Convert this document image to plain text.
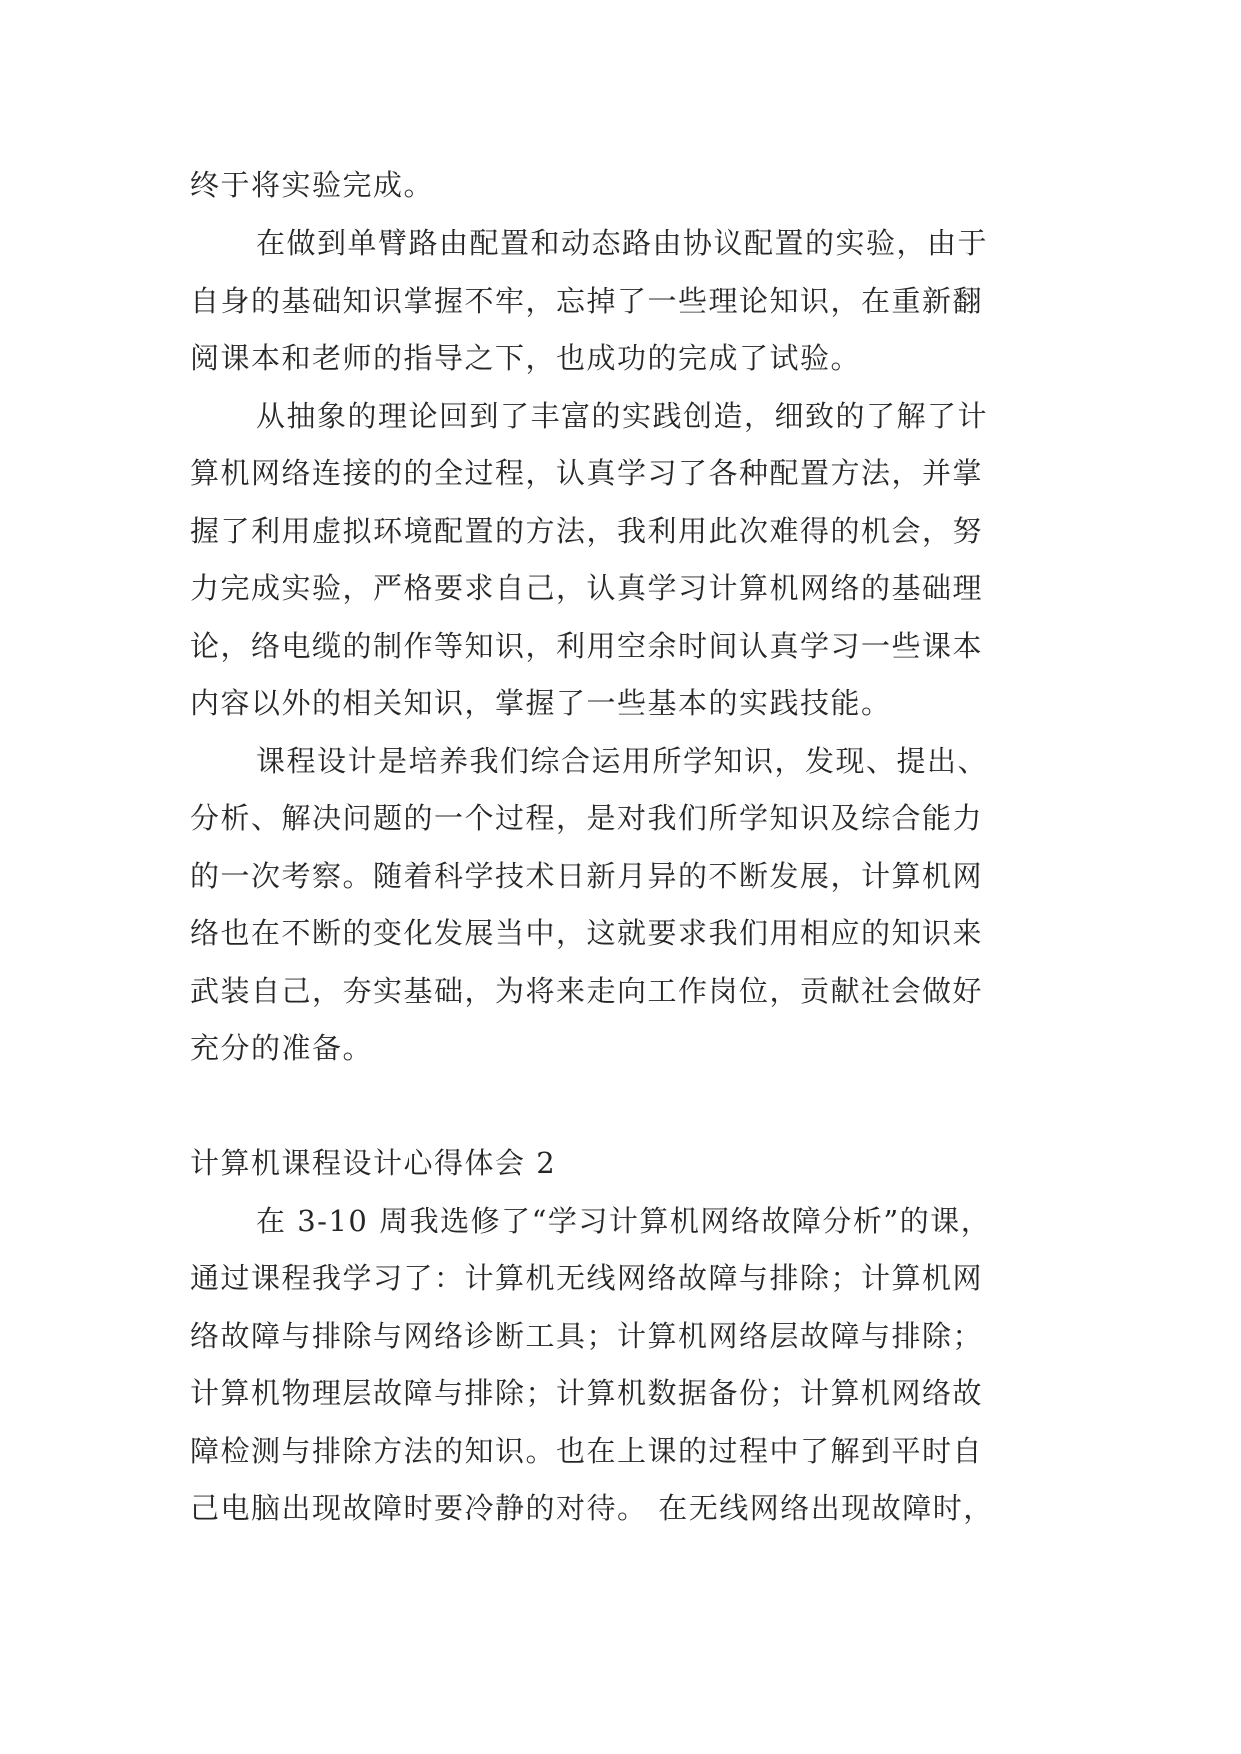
终于将实验完成。

在做到单臂路由配置和动态路由协议配置的实验，由于

自身的基础知识掌握不牢，忘掉了一些理论知识，在重新翻

阅课本和老师的指导之下，也成功的完成了试验。

从抽象的理论回到了丰富的实践创造，细致的了解了计

算机网络连接的的全过程，认真学习了各种配置方法，并掌

握了利用虚拟环境配置的方法，我利用此次难得的机会，努

力完成实验，严格要求自己，认真学习计算机网络的基础理

论，络电缆的制作等知识，利用空余时间认真学习一些课本

内容以外的相关知识，掌握了一些基本的实践技能。

课程设计是培养我们综合运用所学知识，发现、提出、

分析、解决问题的一个过程，是对我们所学知识及综合能力

的一次考察。随着科学技术日新月异的不断发展，计算机网

络也在不断的变化发展当中，这就要求我们用相应的知识来

武装自己，夯实基础，为将来走向工作岗位，贡献社会做好

充分的准备。

计算机课程设计心得体会 2

在 3-10 周我选修了“学习计算机网络故障分析”的课，

通过课程我学习了：计算机无线网络故障与排除；计算机网

络故障与排除与网络诊断工具；计算机网络层故障与排除；

计算机物理层故障与排除；计算机数据备份；计算机网络故

障检测与排除方法的知识。也在上课的过程中了解到平时自

己电脑出现故障时要冷静的对待。 在无线网络出现故障时，
